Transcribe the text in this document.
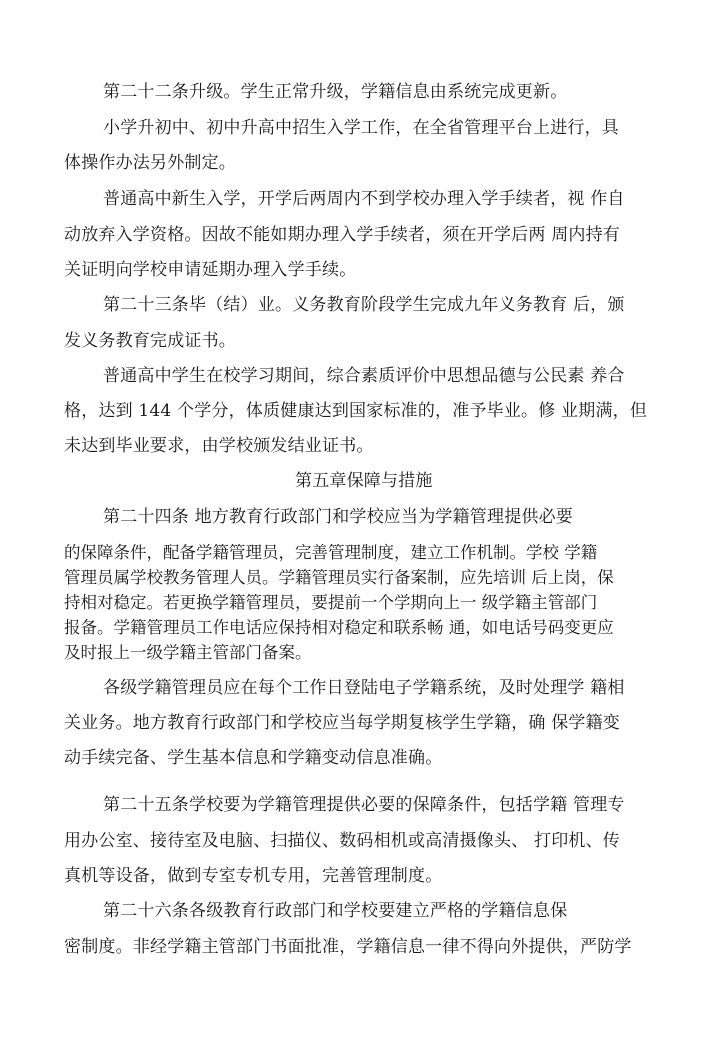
第二十二条升级。学生正常升级，学籍信息由系统完成更新。
小学升初中、初中升高中招生入学工作，在全省管理平台上进行，具
体操作办法另外制定。
普通高中新生入学，开学后两周内不到学校办理入学手续者，视 作自
动放弃入学资格。因故不能如期办理入学手续者，须在开学后两 周内持有
关证明向学校申请延期办理入学手续。
第二十三条毕（结）业。义务教育阶段学生完成九年义务教育 后，颁
发义务教育完成证书。
普通高中学生在校学习期间，综合素质评价中思想品德与公民素 养合
格，达到 144 个学分，体质健康达到国家标准的，准予毕业。修 业期满，但
未达到毕业要求，由学校颁发结业证书。
第五章保障与措施
第二十四条 地方教育行政部门和学校应当为学籍管理提供必要
的保障条件，配备学籍管理员，完善管理制度，建立工作机制。学校 学籍
管理员属学校教务管理人员。学籍管理员实行备案制，应先培训 后上岗，保
持相对稳定。若更换学籍管理员，要提前一个学期向上一 级学籍主管部门
报备。学籍管理员工作电话应保持相对稳定和联系畅 通，如电话号码变更应
及时报上一级学籍主管部门备案。
各级学籍管理员应在每个工作日登陆电子学籍系统，及时处理学 籍相
关业务。地方教育行政部门和学校应当每学期复核学生学籍，确 保学籍变
动手续完备、学生基本信息和学籍变动信息准确。
第二十五条学校要为学籍管理提供必要的保障条件，包括学籍 管理专
用办公室、接待室及电脑、扫描仪、数码相机或高清摄像头、 打印机、传
真机等设备，做到专室专机专用，完善管理制度。
第二十六条各级教育行政部门和学校要建立严格的学籍信息保
密制度。非经学籍主管部门书面批准，学籍信息一律不得向外提供，严防学
